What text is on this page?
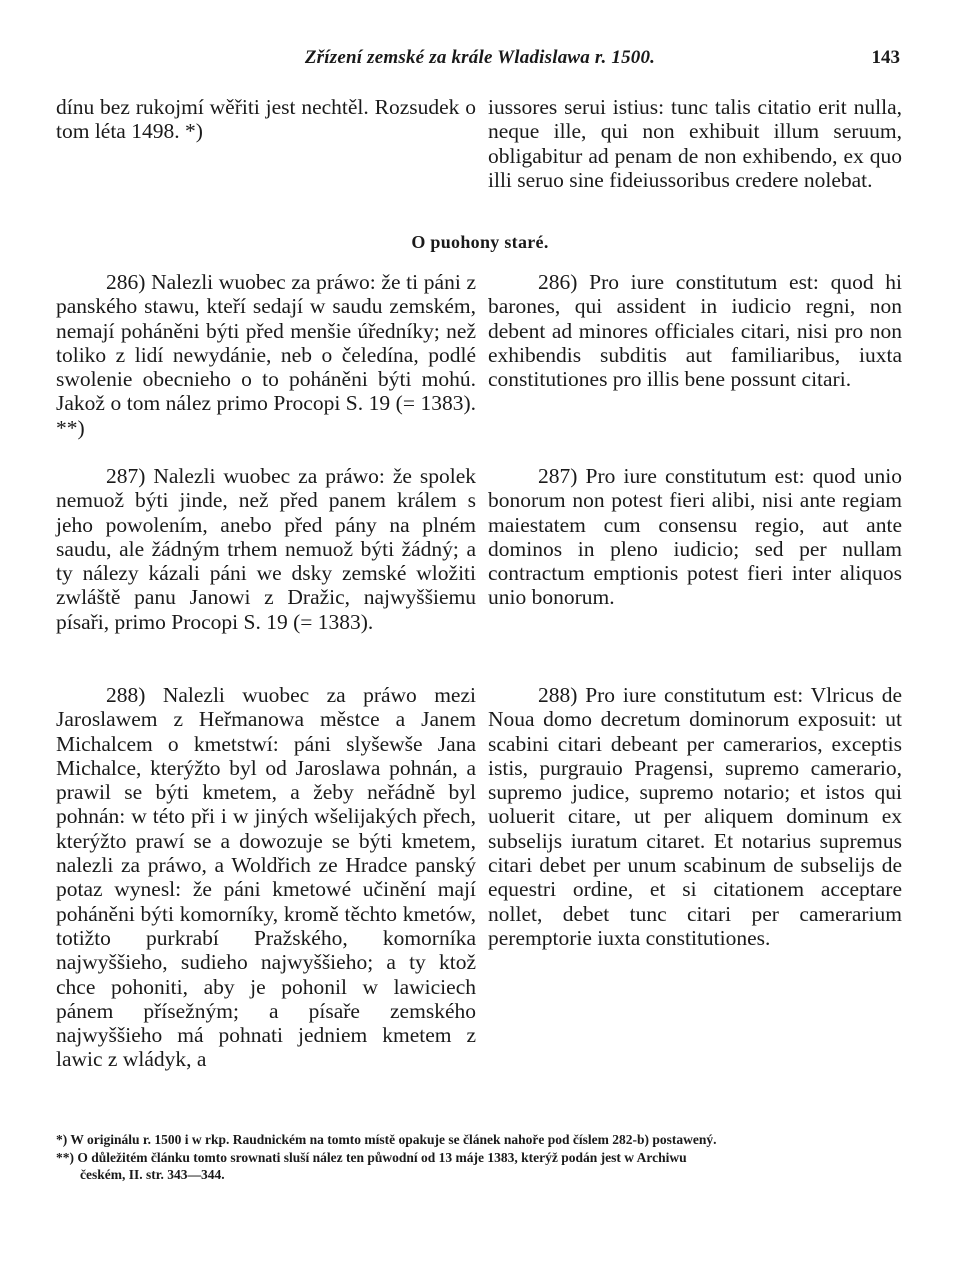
Zřízení zemské za krále Wladislawa r. 1500.	143

dínu bez rukojmí wěřiti jest nechtěl. Rozsudek o tom léta 1498. *)

iussores serui istius: tunc talis citatio erit nulla, neque ille, qui non exhibuit illum seruum, obligabitur ad penam de non exhibendo, ex quo illi seruo sine fideiussoribus credere nolebat.

O puohony staré.

286) Nalezli wuobec za práwo: že ti páni z panského stawu, kteří sedají w saudu zemském, nemají poháněni býti před menšie úředníky; než toliko z lidí newydánie, neb o čeledína, podlé swolenie obecnieho o to poháněni býti mohú. Jakož o tom nález primo Procopi S. 19 (= 1383). **)

287) Nalezli wuobec za práwo: že spolek nemuož býti jinde, než před panem králem s jeho powolením, anebo před pány na plném saudu, ale žádným trhem nemuož býti žádný; a ty nálezy kázali páni we dsky zemské wložiti zwláště panu Janowi z Dražic, najwyššiemu písaři, primo Procopi S. 19 (= 1383).

288) Nalezli wuobec za práwo mezi Jaroslawem z Heřmanowa městce a Janem Michalcem o kmetstwí: páni slyšewše Jana Michalce, kterýžto byl od Jaroslawa pohnán, a prawil se býti kmetem, a žeby neřádně byl pohnán: w této při i w jiných wšelijakých přech, kterýžto prawí se a dowozuje se býti kmetem, nalezli za práwo, a Woldřich ze Hradce panský potaz wynesl: že páni kmetowé učinění mají poháněni býti komorníky, kromě těchto kmetów, totižto purkrabí Pražského, komorníka najwyššieho, sudieho najwyššieho; a ty ktož chce pohoniti, aby je pohonil w lawiciech pánem přísežným; a písaře zemského najwyššieho má pohnati jedniem kmetem z lawic z wládyk, a

286) Pro iure constitutum est: quod hi barones, qui assident in iudicio regni, non debent ad minores officiales citari, nisi pro non exhibendis subditis aut familiaribus, iuxta constitutiones pro illis bene possunt citari.

287) Pro iure constitutum est: quod unio bonorum non potest fieri alibi, nisi ante regiam maiestatem cum consensu regio, aut ante dominos in pleno iudicio; sed per nullam contractum emptionis potest fieri inter aliquos unio bonorum.

288) Pro iure constitutum est: Vlricus de Noua domo decretum dominorum exposuit: ut scabini citari debeant per camerarios, exceptis istis, purgrauio Pragensi, supremo camerario, supremo judice, supremo notario; et istos qui uoluerit citare, ut per aliquem dominum ex subselijs iuratum citaret. Et notarius supremus citari debet per unum scabinum de subselijs de equestri ordine, et si citationem acceptare nollet, debet tunc citari per camerarium peremptorie iuxta constitutiones.

*) W originálu r. 1500 i w rkp. Raudnickém na tomto místě opakuje se článek nahoře pod číslem 282-b) postawený.

**) O důležitém článku tomto srownati sluší nález ten půwodní od 13 máje 1383, kterýž podán jest w Archiwu

českém, II. str. 343—344.
